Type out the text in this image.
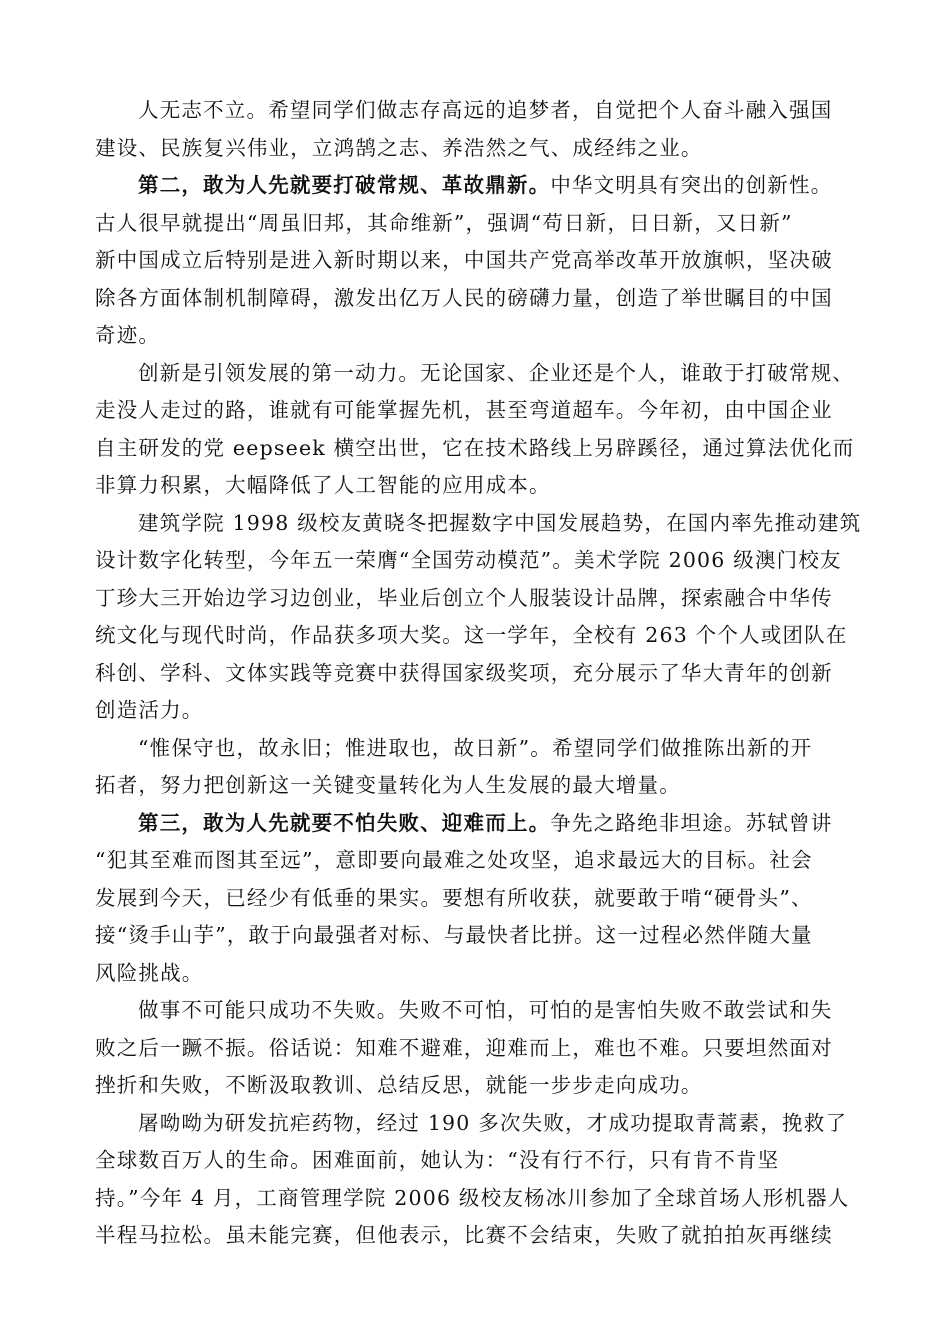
人无志不立。希望同学们做志存高远的追梦者，自觉把个人奋斗融入强国
建设、民族复兴伟业，立鸿鹄之志、养浩然之气、成经纬之业。
第二，敢为人先就要打破常规、革故鼎新。中华文明具有突出的创新性。
古人很早就提出“周虽旧邦，其命维新”，强调“苟日新，日日新，又日新”
新中国成立后特别是进入新时期以来，中国共产党高举改革开放旗帜，坚决破
除各方面体制机制障碍，激发出亿万人民的磅礴力量，创造了举世瞩目的中国
奇迹。
创新是引领发展的第一动力。无论国家、企业还是个人，谁敢于打破常规、
走没人走过的路，谁就有可能掌握先机，甚至弯道超车。今年初，由中国企业
自主研发的党 eepseek 横空出世，它在技术路线上另辟蹊径，通过算法优化而
非算力积累，大幅降低了人工智能的应用成本。
建筑学院 1998 级校友黄晓冬把握数字中国发展趋势，在国内率先推动建筑
设计数字化转型，今年五一荣膺“全国劳动模范”。美术学院 2006 级澳门校友
丁珍大三开始边学习边创业，毕业后创立个人服装设计品牌，探索融合中华传
统文化与现代时尚，作品获多项大奖。这一学年，全校有 263 个个人或团队在
科创、学科、文体实践等竞赛中获得国家级奖项，充分展示了华大青年的创新
创造活力。
“惟保守也，故永旧；惟进取也，故日新”。希望同学们做推陈出新的开
拓者，努力把创新这一关键变量转化为人生发展的最大增量。
第三，敢为人先就要不怕失败、迎难而上。争先之路绝非坦途。苏轼曾讲
“犯其至难而图其至远”，意即要向最难之处攻坚，追求最远大的目标。社会
发展到今天，已经少有低垂的果实。要想有所收获，就要敢于啃“硬骨头”、
接“烫手山芋”，敢于向最强者对标、与最快者比拼。这一过程必然伴随大量
风险挑战。
做事不可能只成功不失败。失败不可怕，可怕的是害怕失败不敢尝试和失
败之后一蹶不振。俗话说：知难不避难，迎难而上，难也不难。只要坦然面对
挫折和失败，不断汲取教训、总结反思，就能一步步走向成功。
屠呦呦为研发抗疟药物，经过 190 多次失败，才成功提取青蒿素，挽救了
全球数百万人的生命。困难面前，她认为：“没有行不行，只有肯不肯坚
持。”今年 4 月，工商管理学院 2006 级校友杨冰川参加了全球首场人形机器人
半程马拉松。虽未能完赛，但他表示，比赛不会结束，失败了就拍拍灰再继续
